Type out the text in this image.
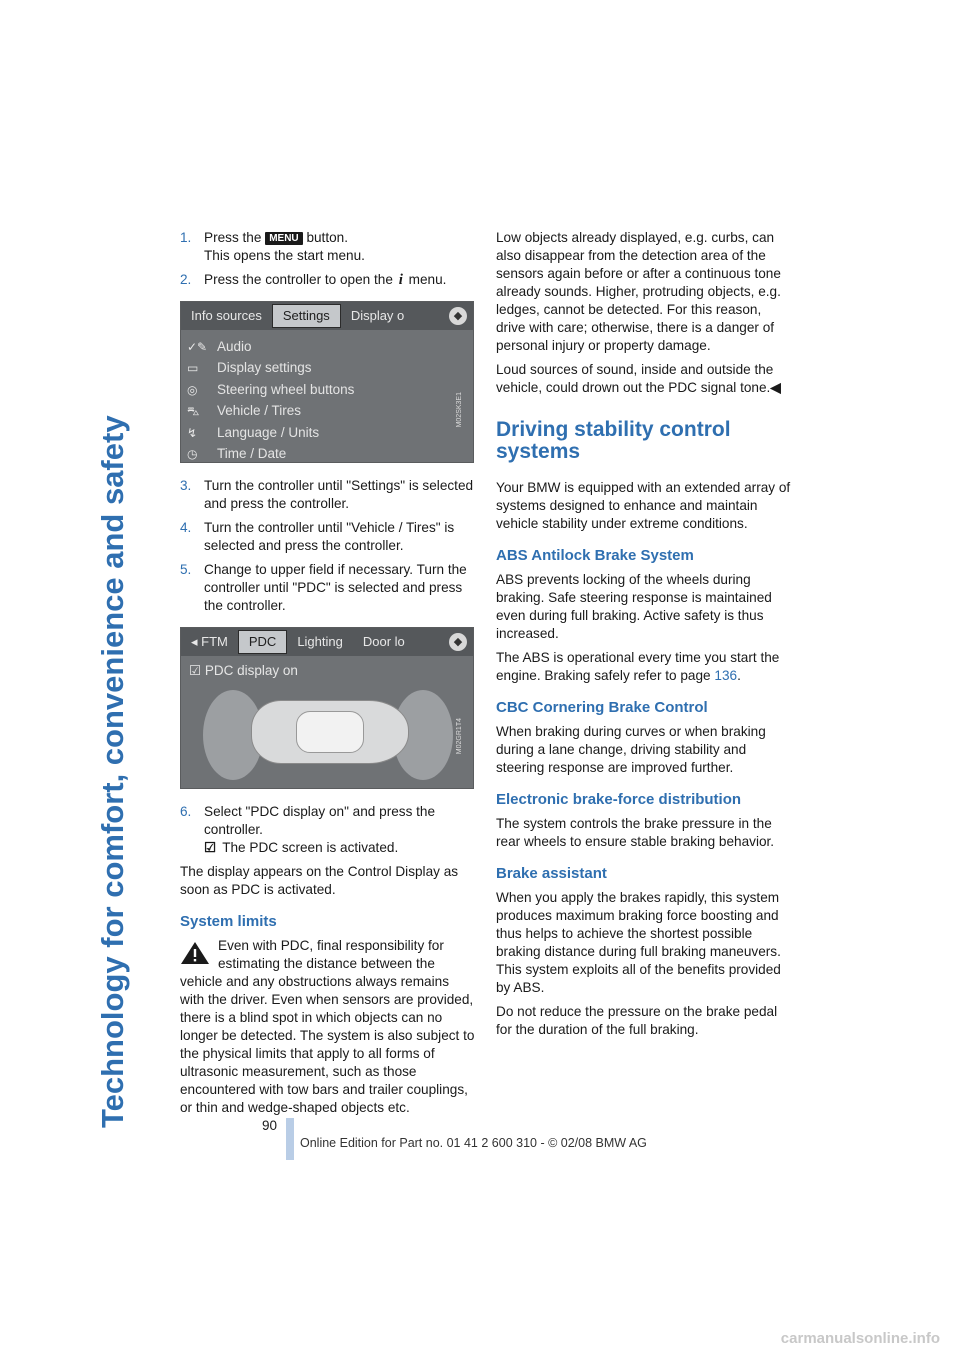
Technology for comfort, convenience and safety
1. Press the MENU button.
This opens the start menu.
2. Press the controller to open the i menu.
Info sources	Settings	Display o	◆
✓✎ Audio
▭	Display settings
◎	Steering wheel buttons
⛍	Vehicle / Tires
↯	Language / Units
◷	Time / Date
M02SK3E1
3. Turn the controller until "Settings" is selected and press the controller.
4. Turn the controller until "Vehicle / Tires" is selected and press the controller.
5. Change to upper field if necessary. Turn the controller until "PDC" is selected and press the controller.
◂ FTM	PDC	Lighting	Door lo	◆
☑ PDC display on
M02GR1T4
6. Select "PDC display on" and press the controller.
☑ The PDC screen is activated.

The display appears on the Control Display as soon as PDC is activated.

System limits
Even with PDC, final responsibility for estimating the distance between the vehicle and any obstructions always remains with the driver. Even when sensors are provided, there is a blind spot in which objects can no longer be detected. The system is also subject to the physical limits that apply to all forms of ultrasonic measurement, such as those encountered with tow bars and trailer couplings, or thin and wedge-shaped objects etc.

Low objects already displayed, e.g. curbs, can also disappear from the detection area of the sensors again before or after a continuous tone already sounds. Higher, protruding objects, e.g. ledges, cannot be detected. For this reason, drive with care; otherwise, there is a danger of personal injury or property damage.

Loud sources of sound, inside and outside the vehicle, could drown out the PDC signal tone.◀

Driving stability control systems

Your BMW is equipped with an extended array of systems designed to enhance and maintain vehicle stability under extreme conditions.

ABS Antilock Brake System

ABS prevents locking of the wheels during braking. Safe steering response is maintained even during full braking. Active safety is thus increased.

The ABS is operational every time you start the engine. Braking safely refer to page 136.

CBC Cornering Brake Control

When braking during curves or when braking during a lane change, driving stability and steering response are improved further.

Electronic brake-force distribution

The system controls the brake pressure in the rear wheels to ensure stable braking behavior.

Brake assistant

When you apply the brakes rapidly, this system produces maximum braking force boosting and thus helps to achieve the shortest possible braking distance during full braking maneuvers. This system exploits all of the benefits provided by ABS.

Do not reduce the pressure on the brake pedal for the duration of the full braking.

90
Online Edition for Part no. 01 41 2 600 310 - © 02/08 BMW AG
carmanualsonline.info
